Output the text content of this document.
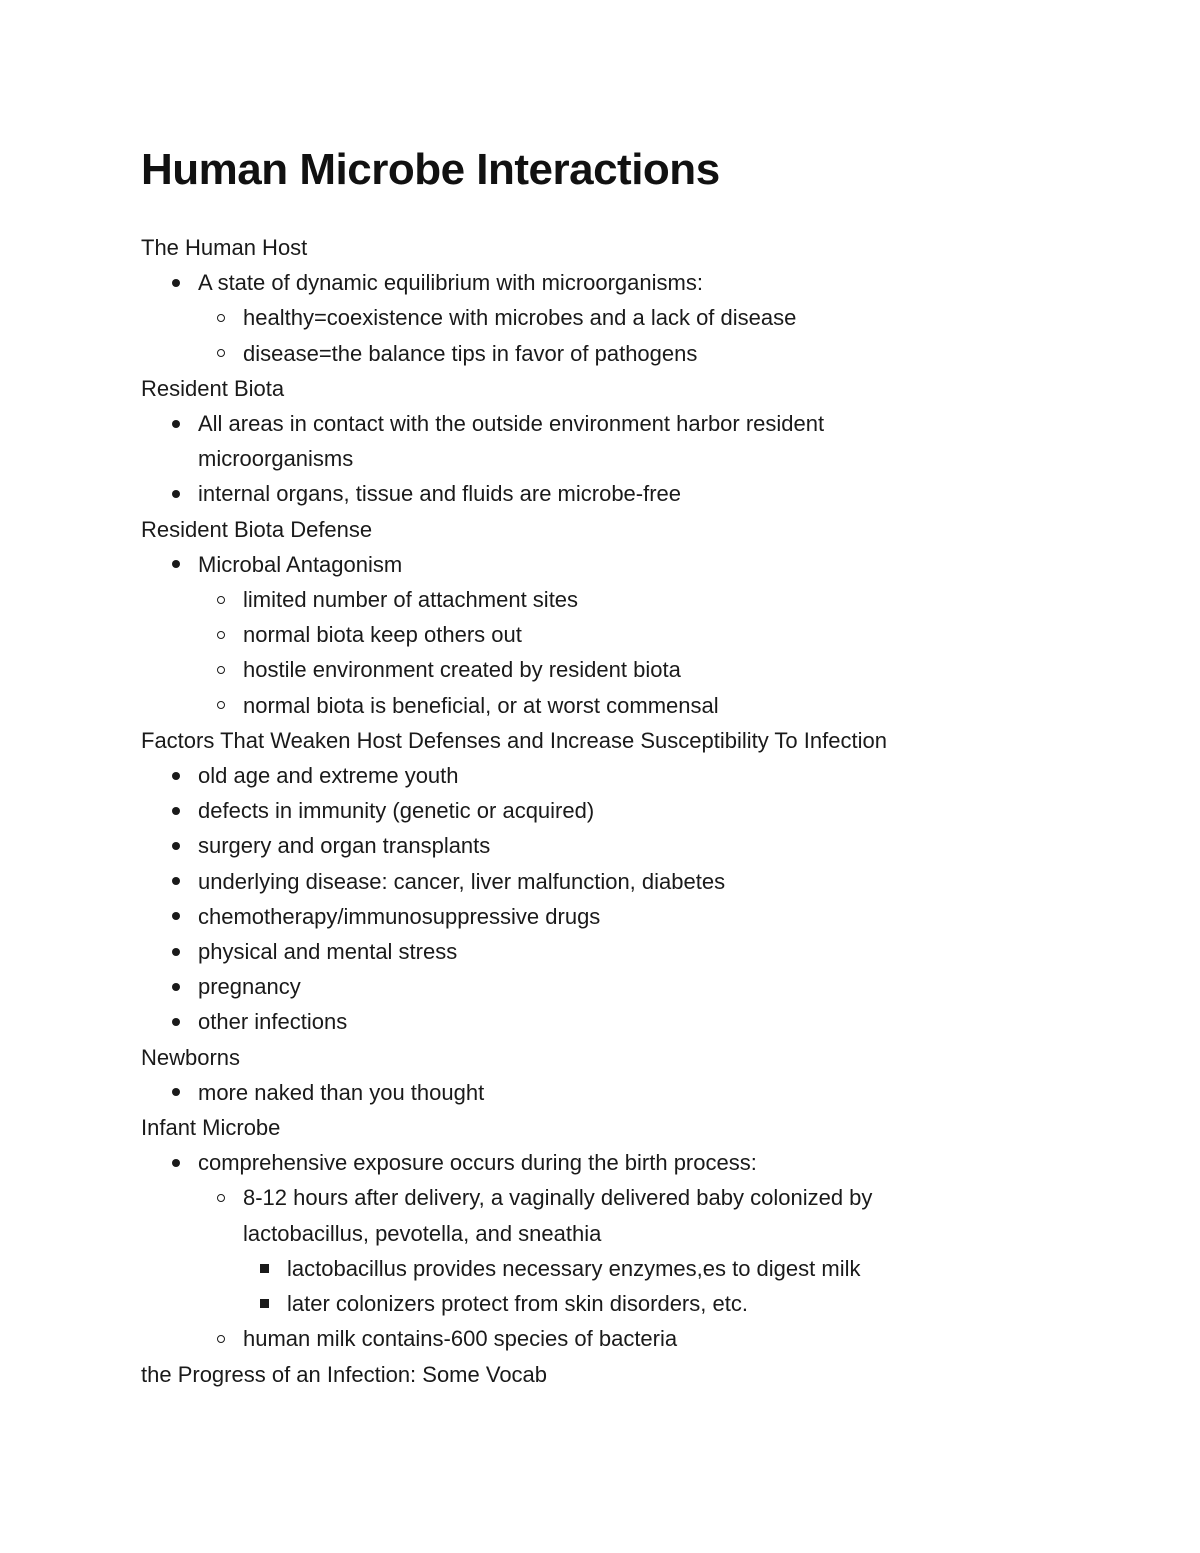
Human Microbe Interactions

The Human Host

A state of dynamic equilibrium with microorganisms:
healthy=coexistence with microbes and a lack of disease
disease=the balance tips in favor of pathogens

Resident Biota

All areas in contact with the outside environment harbor resident microorganisms
internal organs, tissue and fluids are microbe-free

Resident Biota Defense

Microbal Antagonism
limited number of attachment sites
normal biota keep others out
hostile environment created by resident biota
normal biota is beneficial, or at worst commensal

Factors That Weaken Host Defenses and Increase Susceptibility To Infection

old age and extreme youth
defects in immunity (genetic or acquired)
surgery and organ transplants
underlying disease: cancer, liver malfunction, diabetes
chemotherapy/immunosuppressive drugs
physical and mental stress
pregnancy
other infections

Newborns

more naked than you thought

Infant Microbe

comprehensive exposure occurs during the birth process:
8-12 hours after delivery, a vaginally delivered baby colonized by lactobacillus, pevotella, and sneathia
lactobacillus provides necessary enzymes,es to digest milk
later colonizers protect from skin disorders, etc.
human milk contains-600 species of bacteria

the Progress of an Infection: Some Vocab
